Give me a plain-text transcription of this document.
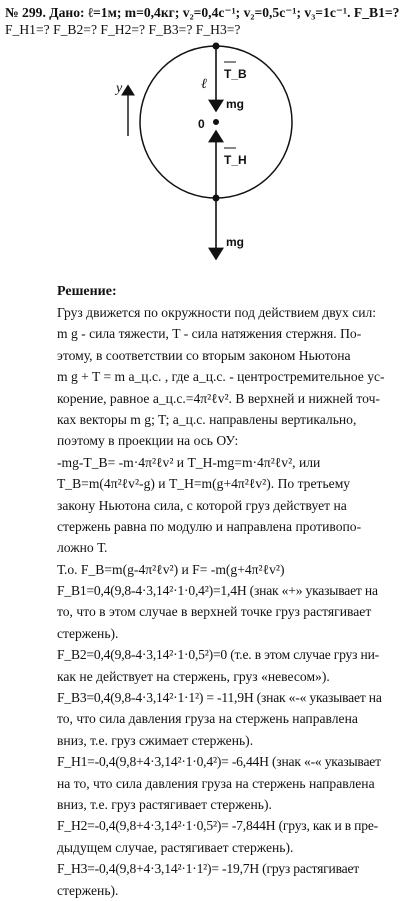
№ 299. Дано: ℓ=1м; m=0,4кг; v₂=0,4с⁻¹; v₂=0,5с⁻¹; v₃=1с⁻¹. F_B1=?
F_H1=? F_B2=? F_H2=? F_B3=? F_H3=?
y	ℓ
0
T_B
mg
T_H
mg
Решение:
Груз движется по окружности под действием двух сил:
m g - сила тяжести, T - сила натяжения стержня. По-
этому, в соответствии со вторым законом Ньютона
m g + T = m a_ц.с. , где a_ц.с. - центростремительное ус-
корение, равное a_ц.с.=4π²ℓv². В верхней и нижней точ-
ках векторы m g; T; a_ц.с. направлены вертикально,
поэтому в проекции на ось ОУ:
-mg-T_B= -m·4π²ℓv² и T_H-mg=m·4π²ℓv², или
T_B=m(4π²ℓv²-g) и T_H=m(g+4π²ℓv²). По третьему
закону Ньютона сила, с которой груз действует на
стержень равна по модулю и направлена противопо-
ложно Т.
Т.о. F_B=m(g-4π²ℓv²) и F= -m(g+4π²ℓv²)
F_B1=0,4(9,8-4·3,14²·1·0,4²)=1,4Н (знак «+» указывает на
то, что в этом случае в верхней точке груз растягивает
стержень).
F_B2=0,4(9,8-4·3,14²·1·0,5²)=0 (т.е. в этом случае груз ни-
как не действует на стержень, груз «невесом»).
F_B3=0,4(9,8-4·3,14²·1·1²) = -11,9Н (знак «-« указывает на
то, что сила давления груза на стержень направлена
вниз, т.е. груз сжимает стержень).
F_H1=-0,4(9,8+4·3,14²·1·0,4²)= -6,44Н (знак «-« указывает
на то, что сила давления груза на стержень направлена
вниз, т.е. груз растягивает стержень).
F_H2=-0,4(9,8+4·3,14²·1·0,5²)= -7,844Н (груз, как и в пре-
дыдущем случае, растягивает стержень).
F_H3=-0,4(9,8+4·3,14²·1·1²)= -19,7Н (груз растягивает
стержень).
